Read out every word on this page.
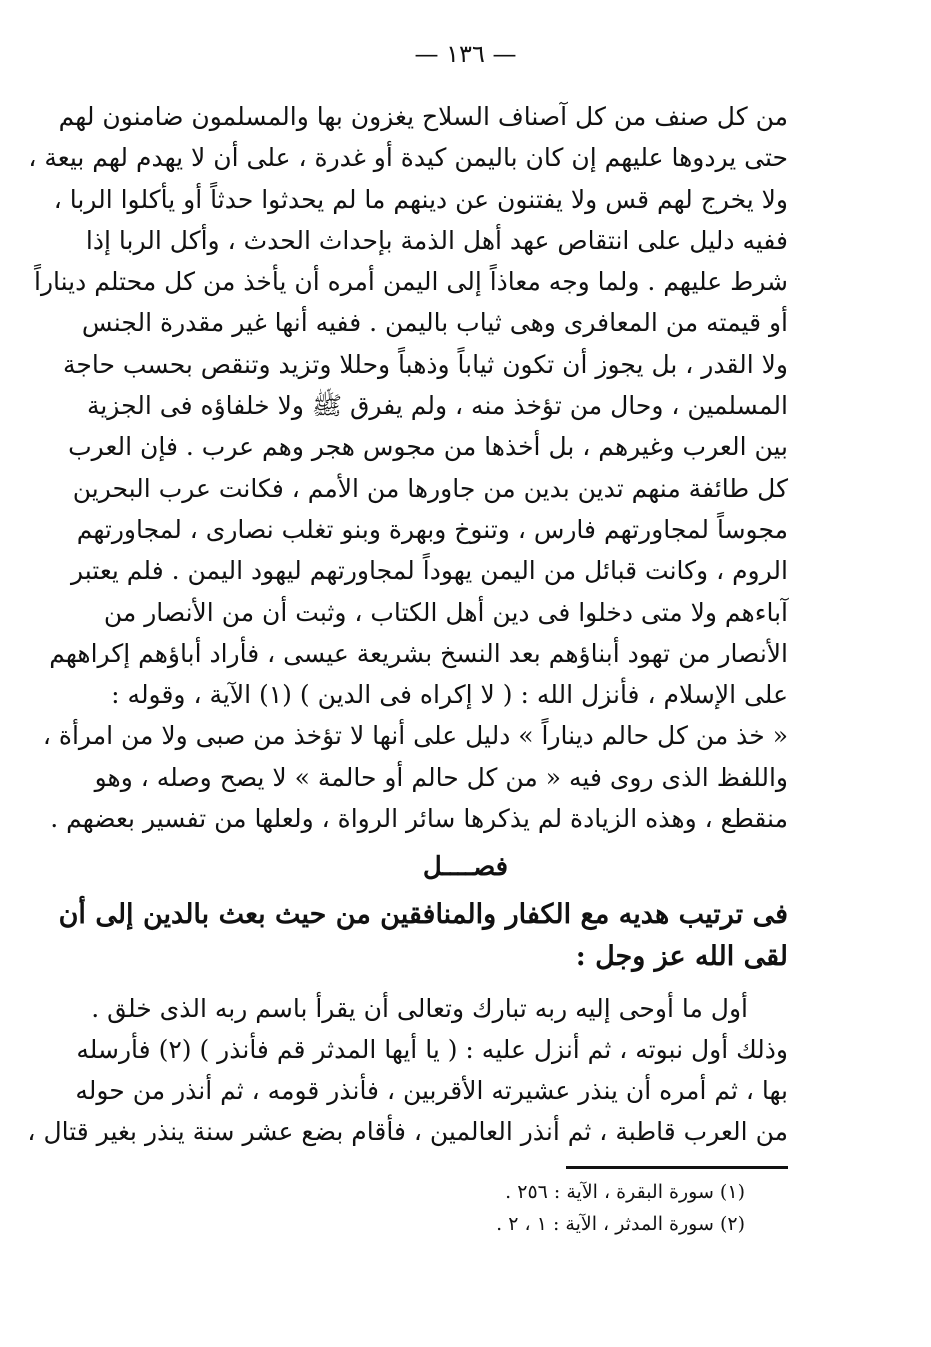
— ١٣٦ —
من كل صنف من كل آصناف السلاح يغزون بها والمسلمون ضامنون لهم
حتى يردوها عليهم إن كان باليمن كيدة أو غدرة ، على أن لا يهدم لهم بيعة ،
ولا يخرج لهم قس ولا يفتنون عن دينهم ما لم يحدثوا حدثاً أو يأكلوا الربا ،
ففيه دليل على انتقاص عهد أهل الذمة بإحداث الحدث ، وأكل الربا إذا
شرط عليهم . ولما وجه معاذاً إلى اليمن أمره أن يأخذ من كل محتلم ديناراً
أو قيمته من المعافرى وهى ثياب باليمن . ففيه أنها غير مقدرة الجنس
ولا القدر ، بل يجوز أن تكون ثياباً وذهباً وحللا وتزيد وتنقص بحسب حاجة
المسلمين ، وحال من تؤخذ منه ، ولم يفرق ﷺ ولا خلفاؤه فى الجزية
بين العرب وغيرهم ، بل أخذها من مجوس هجر وهم عرب . فإن العرب
كل طائفة منهم تدين بدين من جاورها من الأمم ، فكانت عرب البحرين
مجوساً لمجاورتهم فارس ، وتنوخ وبهرة وبنو تغلب نصارى ، لمجاورتهم
الروم ، وكانت قبائل من اليمن يهوداً لمجاورتهم ليهود اليمن . فلم يعتبر
آباءهم ولا متى دخلوا فى دين أهل الكتاب ، وثبت أن من الأنصار من
الأنصار من تهود أبناؤهم بعد النسخ بشريعة عيسى ، فأراد أباؤهم إكراههم
على الإسلام ، فأنزل الله : ( لا إكراه فى الدين ) (١) الآية ، وقوله :
« خذ من كل حالم ديناراً » دليل على أنها لا تؤخذ من صبى ولا من امرأة ،
واللفظ الذى روى فيه « من كل حالم أو حالمة » لا يصح وصله ، وهو
منقطع ، وهذه الزيادة لم يذكرها سائر الرواة ، ولعلها من تفسير بعضهم .
فصــــل
فى ترتيب هديه مع الكفار والمنافقين من حيث بعث بالدين إلى أن
لقى الله عز وجل :
أول ما أوحى إليه ربه تبارك وتعالى أن يقرأ باسم ربه الذى خلق .
وذلك أول نبوته ، ثم أنزل عليه : ( يا أيها المدثر قم فأنذر ) (٢) فأرسله
بها ، ثم أمره أن ينذر عشيرته الأقربين ، فأنذر قومه ، ثم أنذر من حوله
من العرب قاطبة ، ثم أنذر العالمين ، فأقام بضع عشر سنة ينذر بغير قتال ،
(١) سورة البقرة ، الآية : ٢٥٦ .
(٢) سورة المدثر ، الآية : ١ ، ٢ .
